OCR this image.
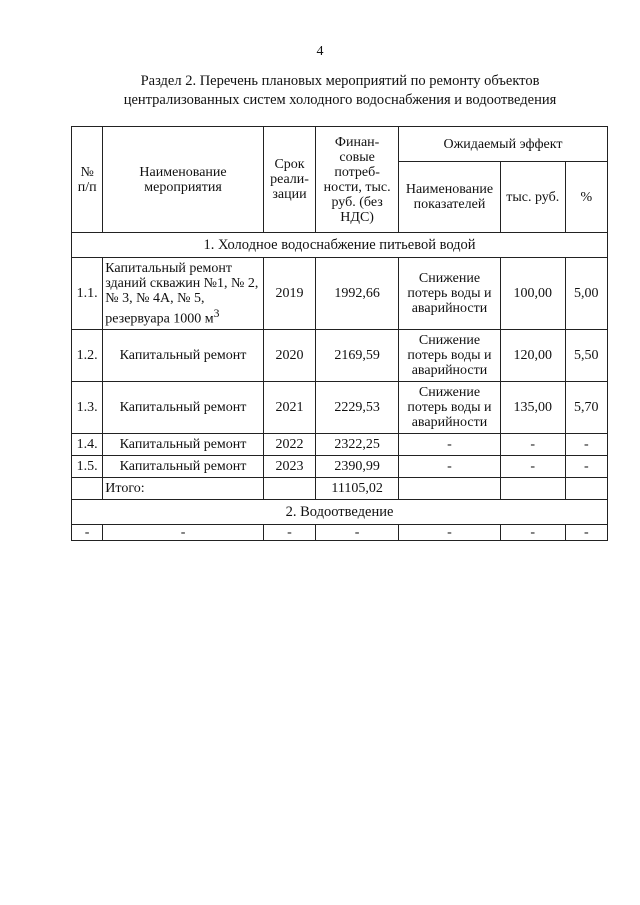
4
Раздел 2. Перечень плановых мероприятий по ремонту объектов
централизованных систем холодного водоснабжения и водоотведения
№ п/п	Наименование мероприятия	Срок реали-зации	Финан-совые потреб-ности, тыс. руб. (без НДС)	Ожидаемый эффект		
				Наименование показателей	тыс. руб.	%
1. Холодное водоснабжение питьевой водой						
1.1.	Капитальный ремонт зданий скважин №1, № 2, № 3, № 4А, № 5, резервуара 1000 $м^3$	2019	1992,66	Снижение потерь воды и аварийности	100,00	5,00
1.2.	Капитальный ремонт	2020	2169,59	Снижение потерь воды и аварийности	120,00	5,50
1.3.	Капитальный ремонт	2021	2229,53	Снижение потерь воды и аварийности	135,00	5,70
1.4.	Капитальный ремонт	2022	2322,25	-	-	-
1.5.	Капитальный ремонт	2023	2390,99	-	-	-
	Итого:		11105,02			
2. Водоотведение						
-	-	-	-	-	-	-
